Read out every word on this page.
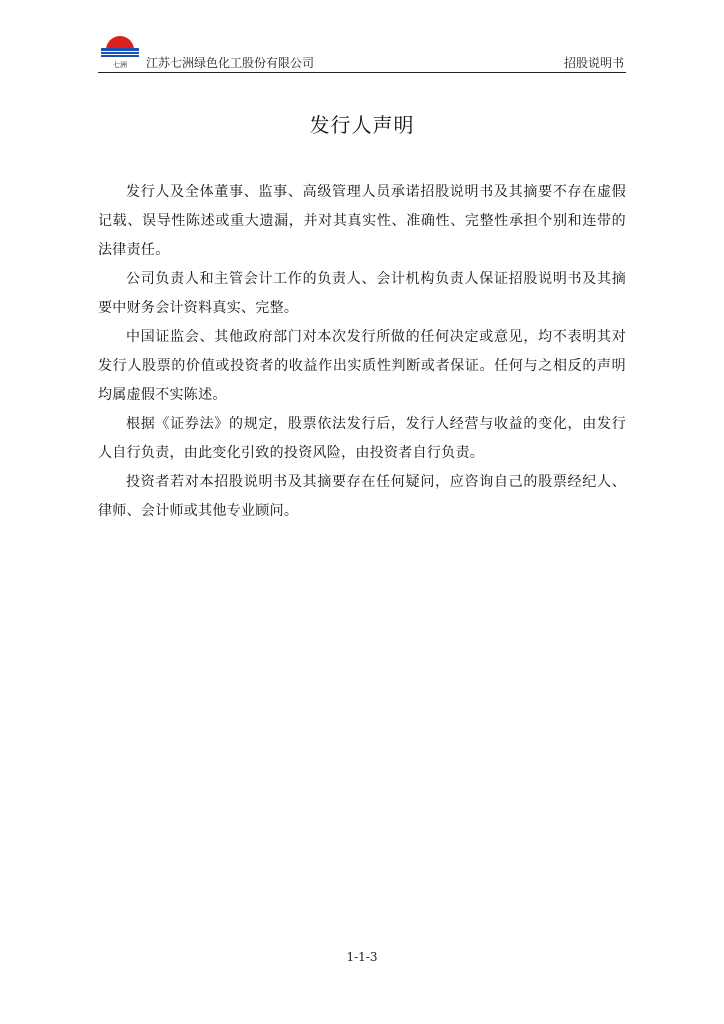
七洲 江苏七洲绿色化工股份有限公司	招股说明书
发行人声明

发行人及全体董事、监事、高级管理人员承诺招股说明书及其摘要不存在虚假记载、误导性陈述或重大遗漏，并对其真实性、准确性、完整性承担个别和连带的法律责任。

公司负责人和主管会计工作的负责人、会计机构负责人保证招股说明书及其摘要中财务会计资料真实、完整。

中国证监会、其他政府部门对本次发行所做的任何决定或意见，均不表明其对发行人股票的价值或投资者的收益作出实质性判断或者保证。任何与之相反的声明均属虚假不实陈述。

根据《证券法》的规定，股票依法发行后，发行人经营与收益的变化，由发行人自行负责，由此变化引致的投资风险，由投资者自行负责。

投资者若对本招股说明书及其摘要存在任何疑问，应咨询自己的股票经纪人、律师、会计师或其他专业顾问。

1-1-3
